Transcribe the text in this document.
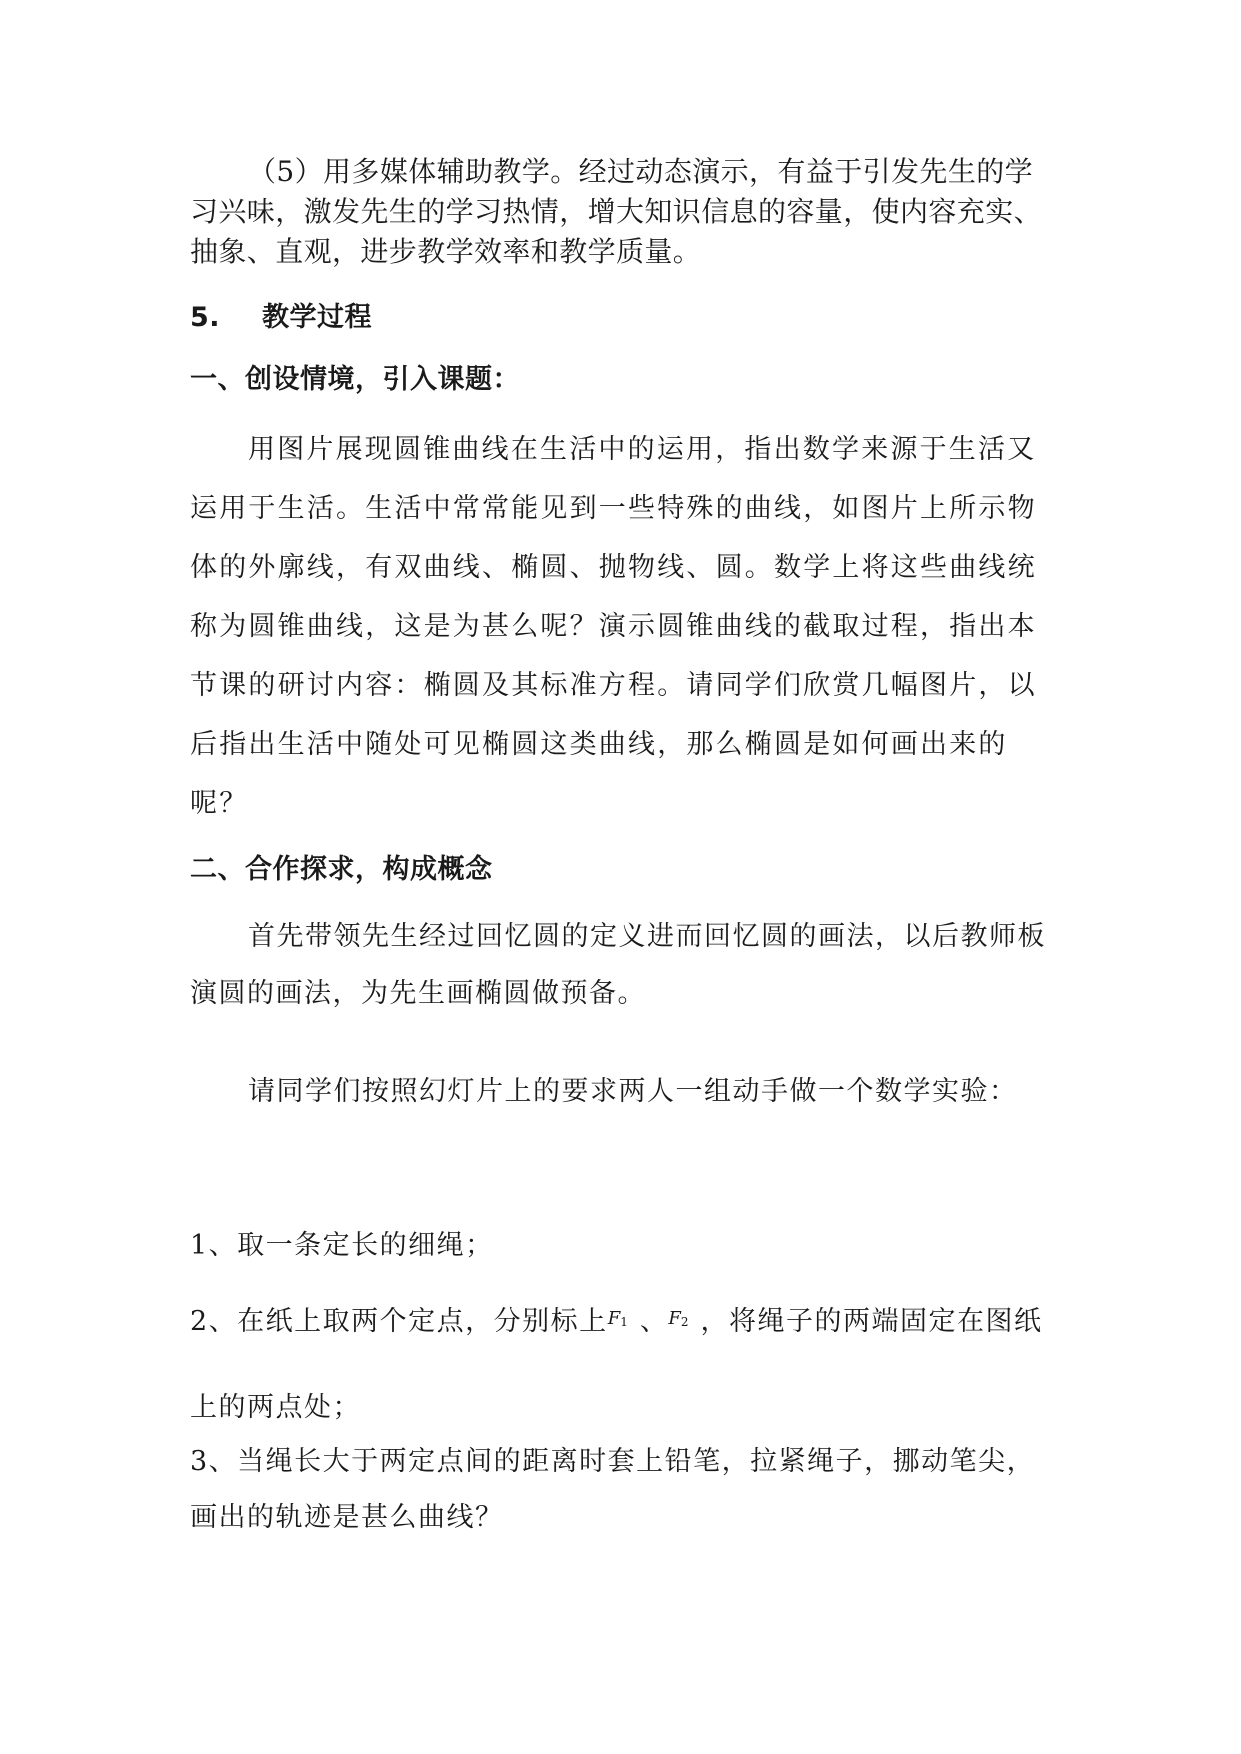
（5）用多媒体辅助教学。经过动态演示，有益于引发先生的学习兴味，激发先生的学习热情，增大知识信息的容量，使内容充实、抽象、直观，进步教学效率和教学质量。

5. 教学过程

一、创设情境，引入课题：

用图片展现圆锥曲线在生活中的运用，指出数学来源于生活又运用于生活。生活中常常能见到一些特殊的曲线，如图片上所示物体的外廓线，有双曲线、椭圆、抛物线、圆。数学上将这些曲线统称为圆锥曲线，这是为甚么呢？演示圆锥曲线的截取过程，指出本节课的研讨内容：椭圆及其标准方程。请同学们欣赏几幅图片，以后指出生活中随处可见椭圆这类曲线，那么椭圆是如何画出来的呢？

二、合作探求，构成概念

首先带领先生经过回忆圆的定义进而回忆圆的画法，以后教师板演圆的画法，为先生画椭圆做预备。

请同学们按照幻灯片上的要求两人一组动手做一个数学实验：

1、取一条定长的细绳；

2、在纸上取两个定点，分别标上$^{F_1}$ 、$^{F_2}$ ，将绳子的两端固定在图纸上的两点处；

3、当绳长大于两定点间的距离时套上铅笔，拉紧绳子，挪动笔尖，画出的轨迹是甚么曲线？
